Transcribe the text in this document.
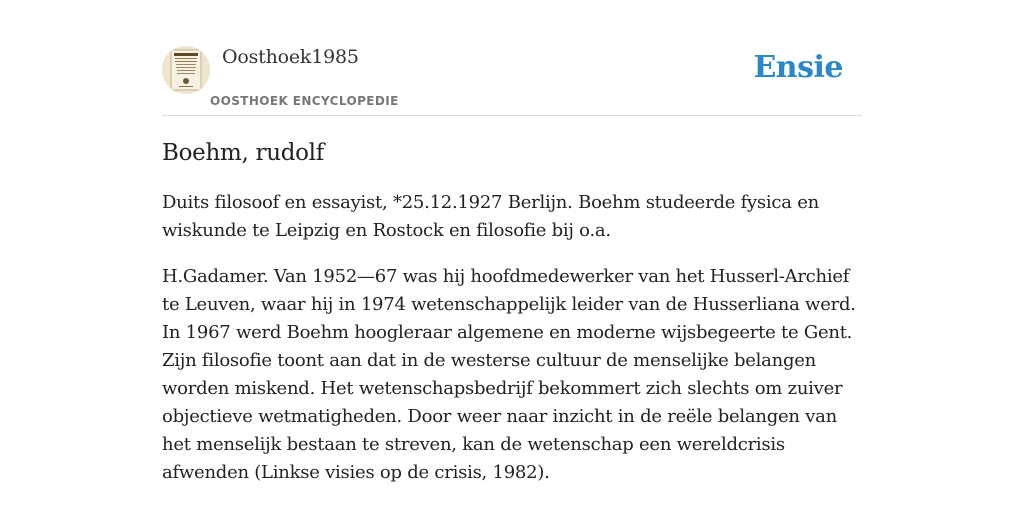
Oosthoek1985
OOSTHOEK ENCYCLOPEDIE
Ensie
Boehm, rudolf

Duits filosoof en essayist, *25.12.1927 Berlijn. Boehm studeerde fysica en wiskunde te Leipzig en Rostock en filosofie bij o.a.

H.Gadamer. Van 1952—67 was hij hoofdmedewerker van het Husserl-Archief te Leuven, waar hij in 1974 wetenschappelijk leider van de Husserliana werd. In 1967 werd Boehm hoogleraar algemene en moderne wijsbegeerte te Gent. Zijn filosofie toont aan dat in de westerse cultuur de menselijke belangen worden miskend. Het wetenschapsbedrijf bekommert zich slechts om zuiver objectieve wetmatigheden. Door weer naar inzicht in de reële belangen van het menselijk bestaan te streven, kan de wetenschap een wereldcrisis afwenden (Linkse visies op de crisis, 1982).
